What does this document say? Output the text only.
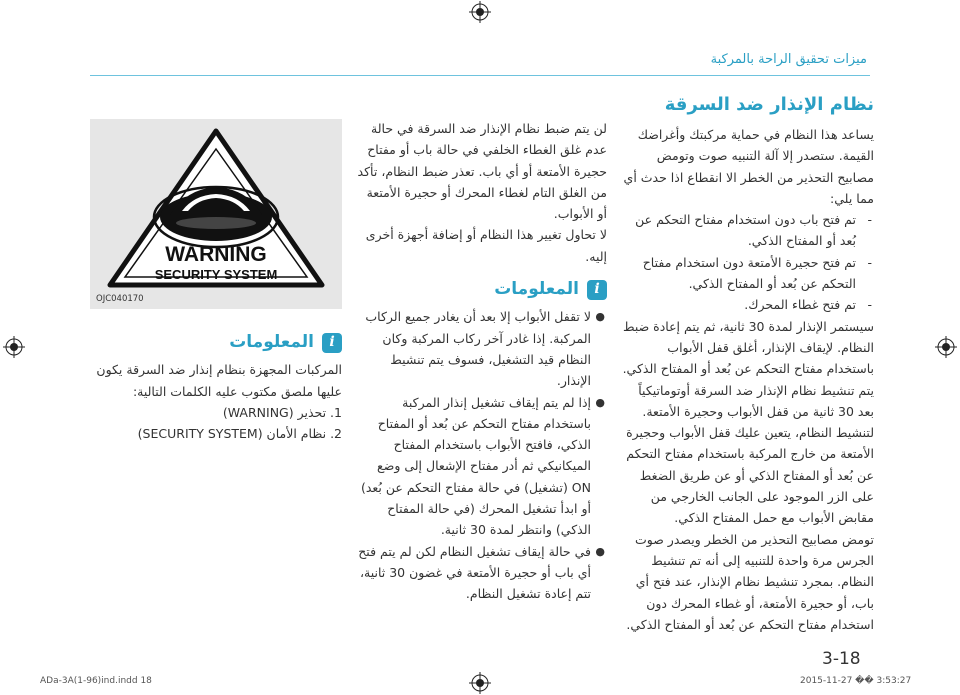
ميزات تحقيق الراحة بالمركبة
نظام الإنذار ضد السرقة
يساعد هذا النظام في حماية مركبتك وأغراضك القيمة. ستصدر إلا آلة التنبيه صوت وتومض مصابيح التحذير من الخطر الا انقطاع اذا حدث أي مما يلي:
-
تم فتح باب دون استخدام مفتاح التحكم عن بُعد أو المفتاح الذكي.
-
تم فتح حجيرة الأمتعة دون استخدام مفتاح التحكم عن بُعد أو المفتاح الذكي.
-
تم فتح غطاء المحرك.
سيستمر الإنذار لمدة 30 ثانية، ثم يتم إعادة ضبط النظام. لإيقاف الإنذار، أغلق قفل الأبواب باستخدام مفتاح التحكم عن بُعد أو المفتاح الذكي.
يتم تنشيط نظام الإنذار ضد السرقة أوتوماتيكياً بعد 30 ثانية من قفل الأبواب وحجيرة الأمتعة. لتنشيط النظام، يتعين عليك قفل الأبواب وحجيرة الأمتعة من خارج المركبة باستخدام مفتاح التحكم عن بُعد أو المفتاح الذكي أو عن طريق الضغط على الزر الموجود على الجانب الخارجي من مقابض الأبواب مع حمل المفتاح الذكي.
تومض مصابيح التحذير من الخطر ويصدر صوت الجرس مرة واحدة للتنبيه إلى أنه تم تنشيط النظام. بمجرد تنشيط نظام الإنذار، عند فتح أي باب، أو حجيرة الأمتعة، أو غطاء المحرك دون استخدام مفتاح التحكم عن بُعد أو المفتاح الذكي.
لن يتم ضبط نظام الإنذار ضد السرقة في حالة عدم غلق الغطاء الخلفي في حالة باب أو مفتاح حجيرة الأمتعة أو أي باب. تعذر ضبط النظام، تأكد من الغلق التام لغطاء المحرك أو حجيرة الأمتعة أو الأبواب.
لا تحاول تغيير هذا النظام أو إضافة أجهزة أخرى إليه.
i
المعلومات
●
لا تقفل الأبواب إلا بعد أن يغادر جميع الركاب المركبة. إذا غادر آخر ركاب المركبة وكان النظام قيد التشغيل، فسوف يتم تنشيط الإنذار.
●
إذا لم يتم إيقاف تشغيل إنذار المركبة باستخدام مفتاح التحكم عن بُعد أو المفتاح الذكي، فافتح الأبواب باستخدام المفتاح الميكانيكي ثم أدر مفتاح الإشعال إلى وضع ON (تشغيل) في حالة مفتاح التحكم عن بُعد) أو ابدأ تشغيل المحرك (في حالة المفتاح الذكي) وانتظر لمدة 30 ثانية.
●
في حالة إيقاف تشغيل النظام لكن لم يتم فتح أي باب أو حجيرة الأمتعة في غضون 30 ثانية، تتم إعادة تشغيل النظام.
WARNING
SECURITY SYSTEM
OJC040170
i
المعلومات
المركبات المجهزة بنظام إنذار ضد السرقة يكون عليها ملصق مكتوب عليه الكلمات التالية:
1. تحذير (WARNING)
2. نظام الأمان (SECURITY SYSTEM)
3-18
ADa-3A(1-96)ind.indd 18	2015-11-27 �� 3:53:27
